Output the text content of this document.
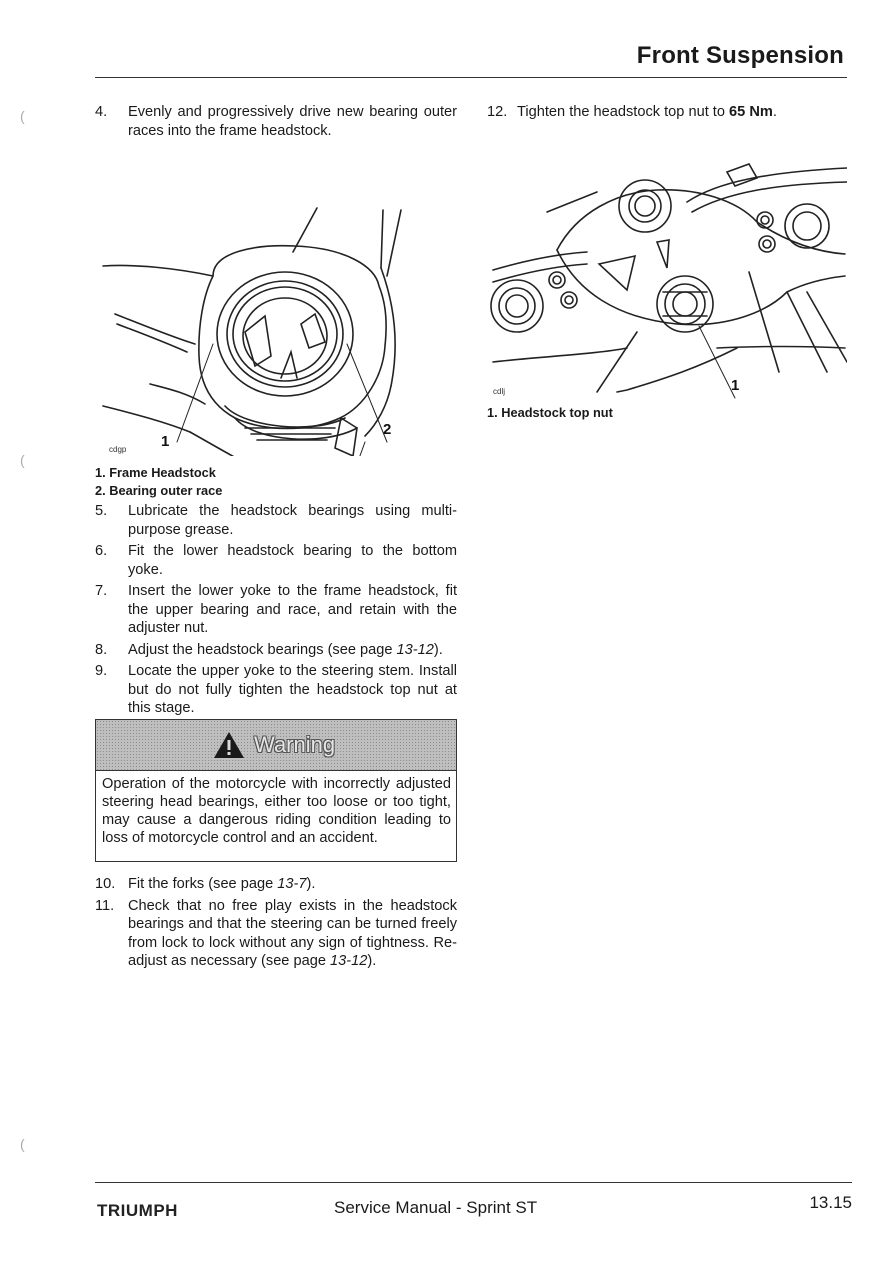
Front Suspension
(
(
(
4.	Evenly and progressively drive new bearing outer races into the frame headstock.
cdgp 1
2
1. Frame Headstock
2. Bearing outer race
5.	Lubricate the headstock bearings using multi-purpose grease.
6.	Fit the lower headstock bearing to the bottom yoke.
7.	Insert the lower yoke to the frame headstock, fit the upper bearing and race, and retain with the adjuster nut.
8.	Adjust the headstock bearings (see page 13-12).
9.	Locate the upper yoke to the steering stem. Install but do not fully tighten the headstock top nut at this stage.
Warning
Operation of the motorcycle with incorrectly adjusted steering head bearings, either too loose or too tight, may cause a dangerous riding condition leading to loss of motorcycle control and an accident.
10. Fit the forks (see page 13-7).
11. Check that no free play exists in the headstock bearings and that the steering can be turned freely from lock to lock without any sign of tightness. Re-adjust as necessary (see page 13-12).
12. Tighten the headstock top nut to 65 Nm.
cdlj	1
1. Headstock top nut
TRIUMPH	Service Manual - Sprint ST	13.15
